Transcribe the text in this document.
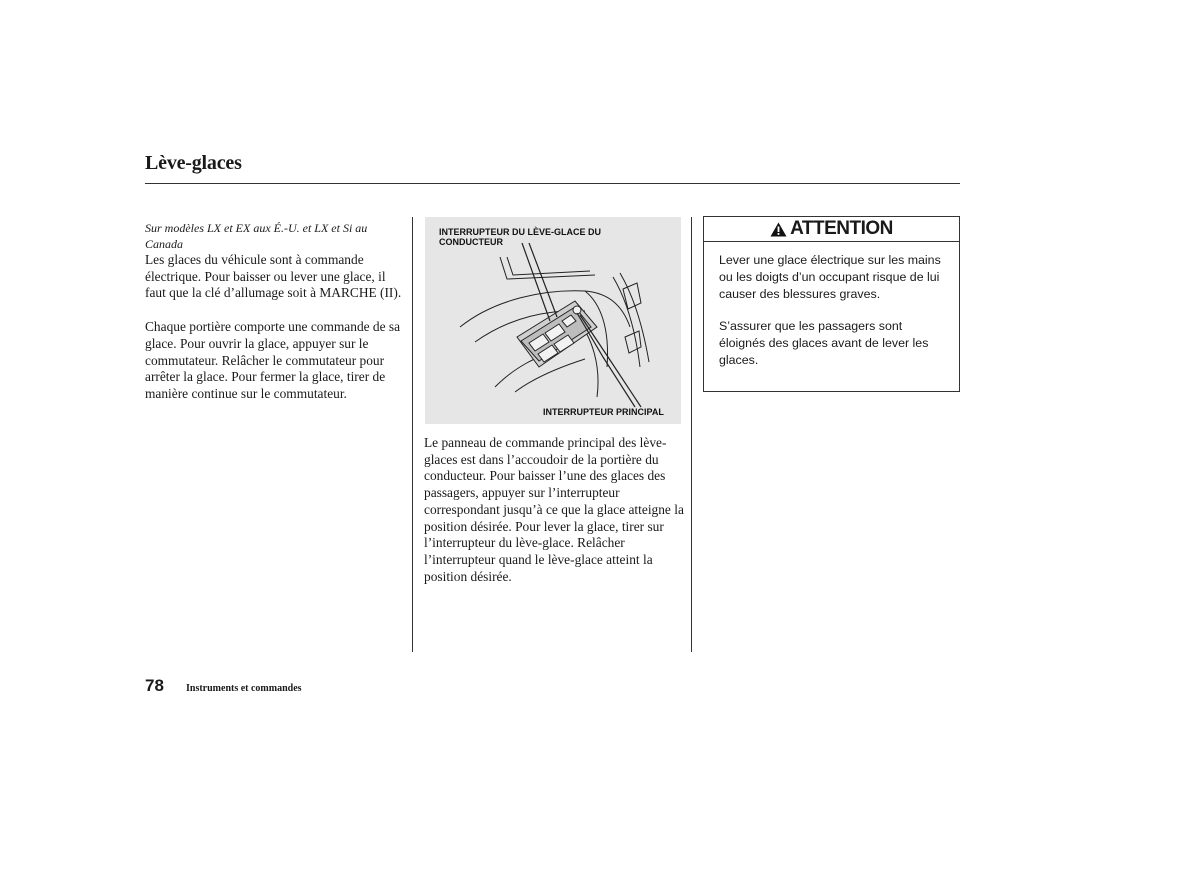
Lève-glaces

Sur modèles LX et EX aux É.-U. et LX et Si au Canada

Les glaces du véhicule sont à commande électrique. Pour baisser ou lever une glace, il faut que la clé d’allumage soit à MARCHE (II).

Chaque portière comporte une commande de sa glace. Pour ouvrir la glace, appuyer sur le commutateur. Relâcher le commutateur pour arrêter la glace. Pour fermer la glace, tirer de manière continue sur le commutateur.

INTERRUPTEUR DU LÈVE-GLACE DU CONDUCTEUR
INTERRUPTEUR PRINCIPAL

Le panneau de commande principal des lève-glaces est dans l’accoudoir de la portière du conducteur. Pour baisser l’une des glaces des passagers, appuyer sur l’interrupteur correspondant jusqu’à ce que la glace atteigne la position désirée. Pour lever la glace, tirer sur l’interrupteur du lève-glace. Relâcher l’interrupteur quand le lève-glace atteint la position désirée.

ATTENTION

Lever une glace électrique sur les mains ou les doigts d’un occupant risque de lui causer des blessures graves.

S’assurer que les passagers sont éloignés des glaces avant de lever les glaces.

78 Instruments et commandes
